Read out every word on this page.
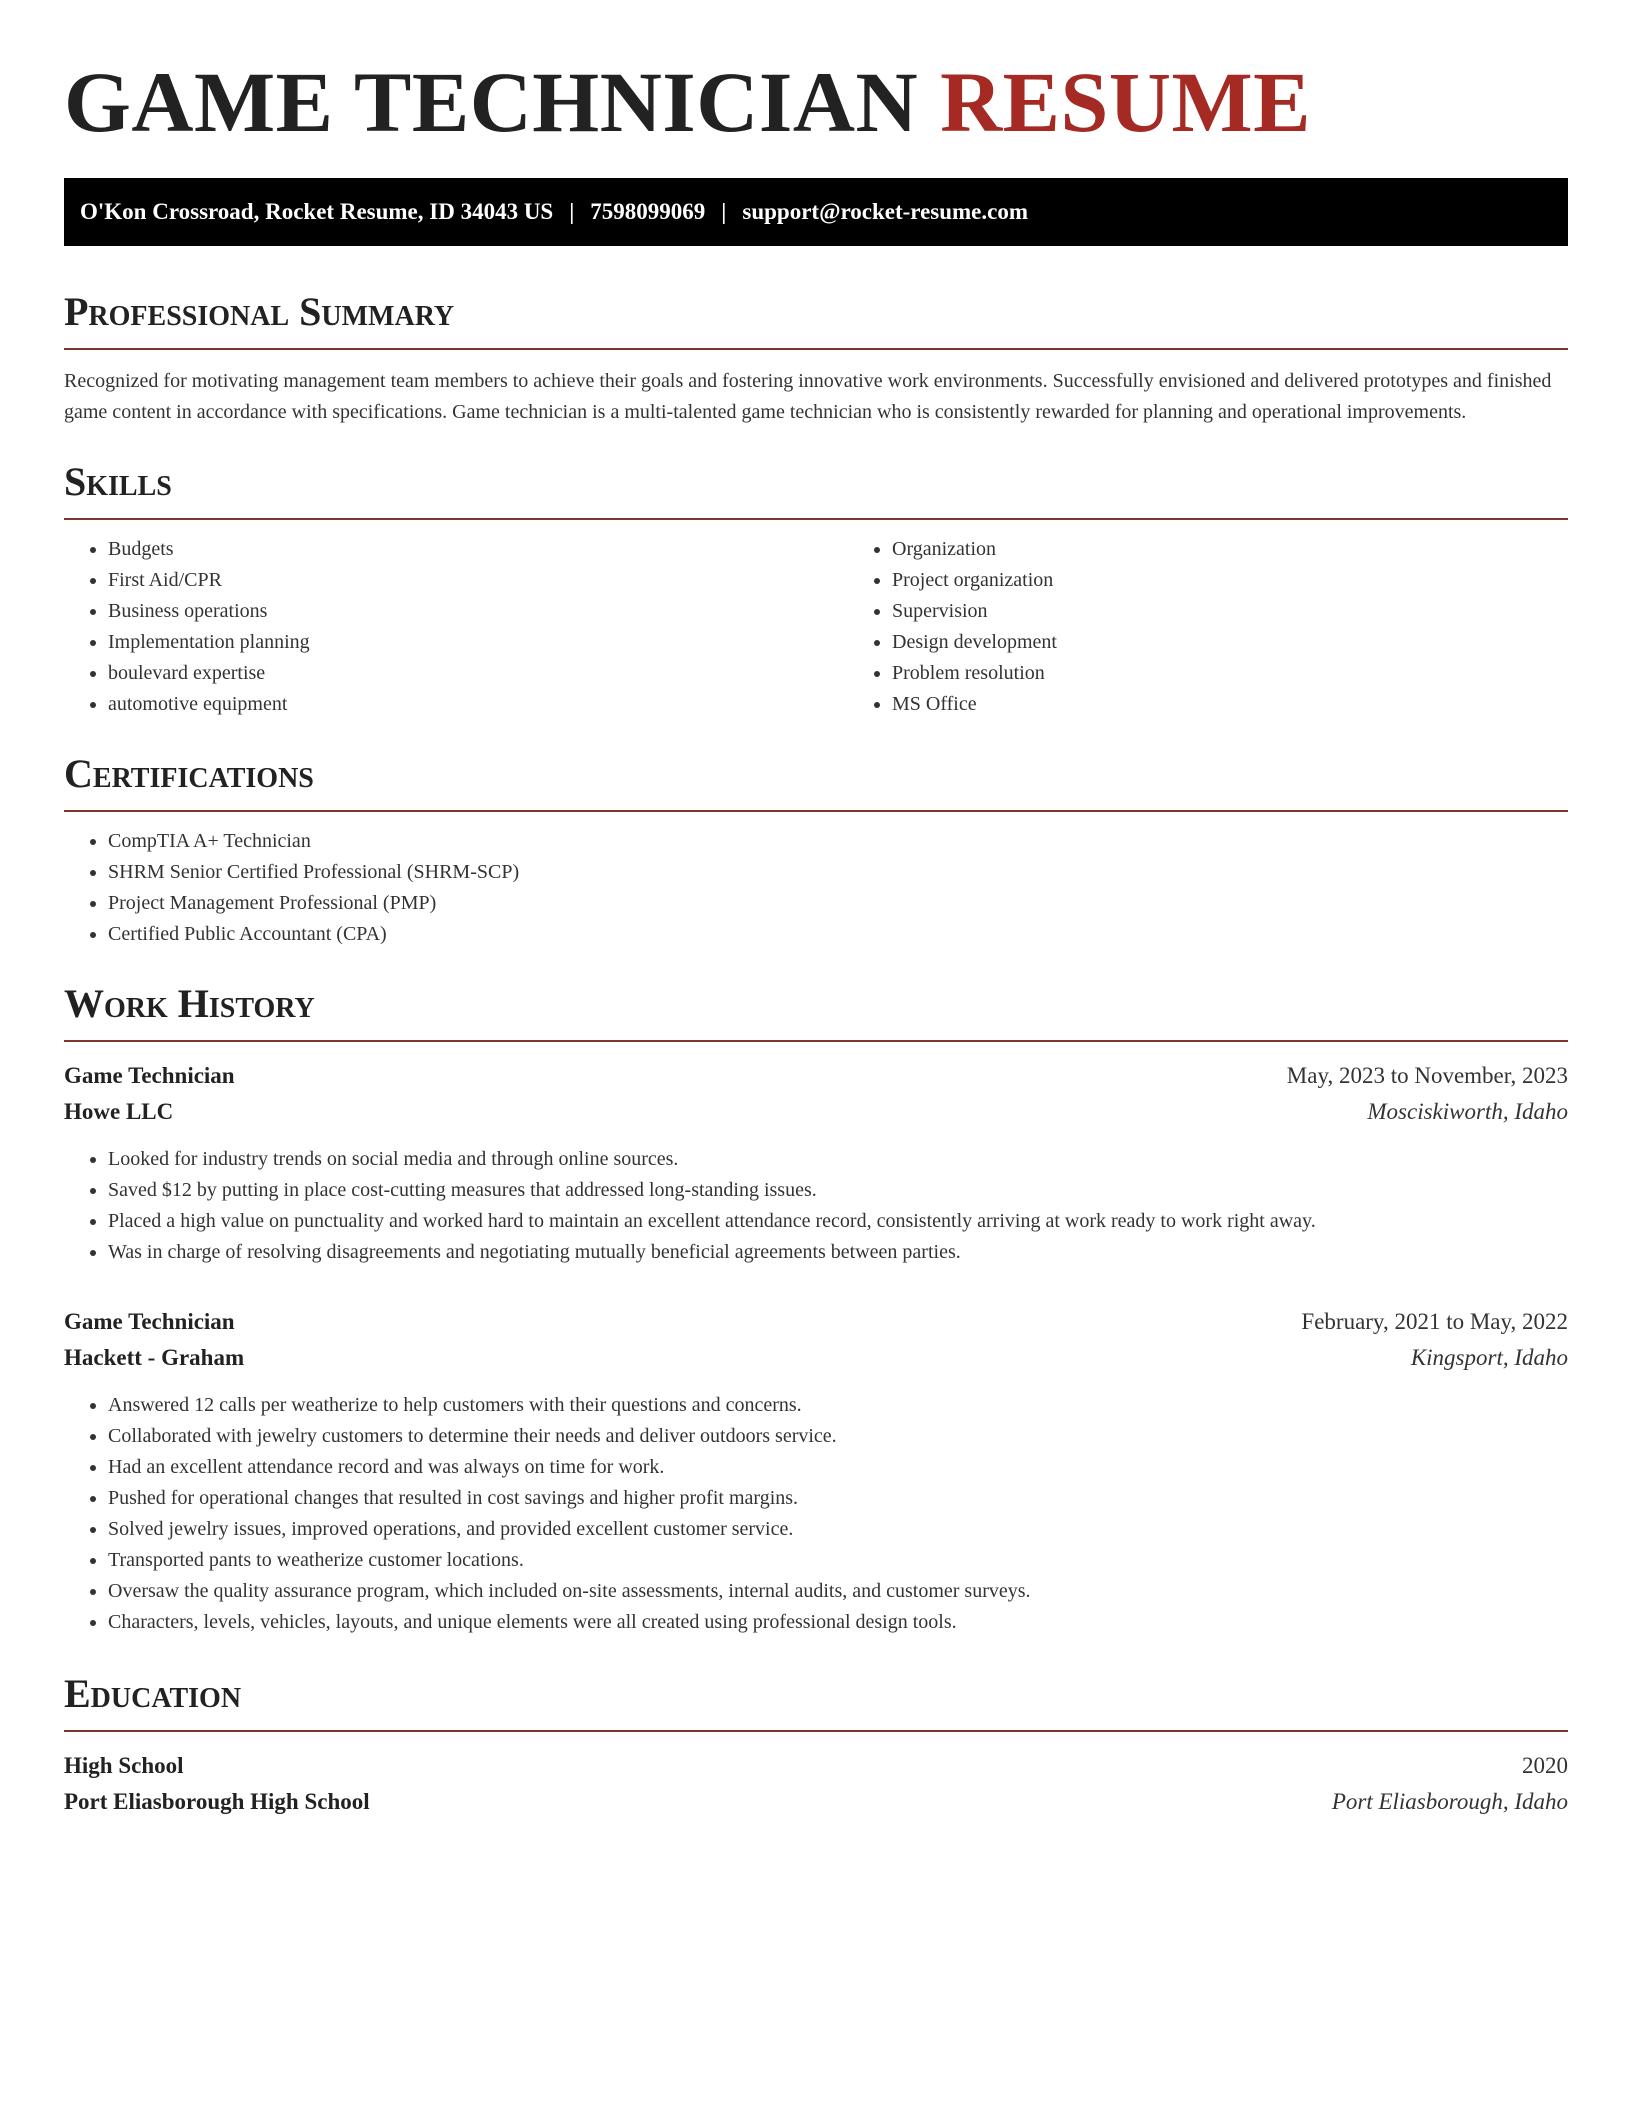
GAME TECHNICIAN RESUME
O'Kon Crossroad, Rocket Resume, ID 34043 US | 7598099069 | support@rocket-resume.com
Professional Summary

Recognized for motivating management team members to achieve their goals and fostering innovative work environments. Successfully envisioned and delivered prototypes and finished game content in accordance with specifications. Game technician is a multi-talented game technician who is consistently rewarded for planning and operational improvements.

Skills
• Budgets
• First Aid/CPR
• Business operations
• Implementation planning
• boulevard expertise
• automotive equipment
• Organization
• Project organization
• Supervision
• Design development
• Problem resolution
• MS Office
Certifications
• CompTIA A+ Technician
• SHRM Senior Certified Professional (SHRM-SCP)
• Project Management Professional (PMP)
• Certified Public Accountant (CPA)
Work History
Game Technician	May, 2023 to November, 2023
Howe LLC	Mosciskiworth, Idaho
• Looked for industry trends on social media and through online sources.
• Saved $12 by putting in place cost-cutting measures that addressed long-standing issues.
• Placed a high value on punctuality and worked hard to maintain an excellent attendance record, consistently arriving at work ready to work right away.
• Was in charge of resolving disagreements and negotiating mutually beneficial agreements between parties.
Game Technician	February, 2021 to May, 2022
Hackett - Graham	Kingsport, Idaho
• Answered 12 calls per weatherize to help customers with their questions and concerns.
• Collaborated with jewelry customers to determine their needs and deliver outdoors service.
• Had an excellent attendance record and was always on time for work.
• Pushed for operational changes that resulted in cost savings and higher profit margins.
• Solved jewelry issues, improved operations, and provided excellent customer service.
• Transported pants to weatherize customer locations.
• Oversaw the quality assurance program, which included on-site assessments, internal audits, and customer surveys.
• Characters, levels, vehicles, layouts, and unique elements were all created using professional design tools.
Education
High School	2020
Port Eliasborough High School	Port Eliasborough, Idaho
